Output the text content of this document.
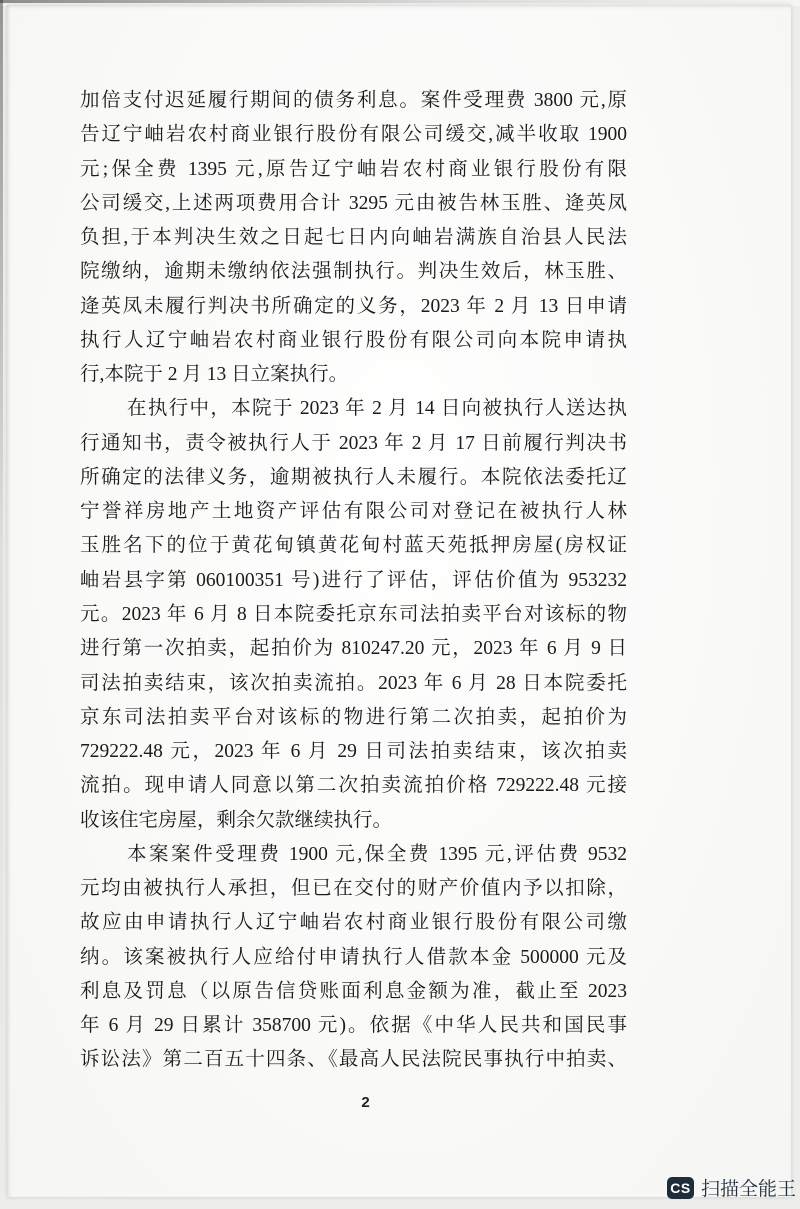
加倍支付迟延履行期间的债务利息。案件受理费 3800 元,原
告辽宁岫岩农村商业银行股份有限公司缓交,减半收取 1900
元;保全费 1395 元,原告辽宁岫岩农村商业银行股份有限
公司缓交,上述两项费用合计 3295 元由被告林玉胜、逄英凤
负担,于本判决生效之日起七日内向岫岩满族自治县人民法
院缴纳，逾期未缴纳依法强制执行。判决生效后，林玉胜、
逄英凤未履行判决书所确定的义务，2023 年 2 月 13 日申请
执行人辽宁岫岩农村商业银行股份有限公司向本院申请执
行,本院于 2 月 13 日立案执行。
在执行中，本院于 2023 年 2 月 14 日向被执行人送达执
行通知书，责令被执行人于 2023 年 2 月 17 日前履行判决书
所确定的法律义务，逾期被执行人未履行。本院依法委托辽
宁誉祥房地产土地资产评估有限公司对登记在被执行人林
玉胜名下的位于黄花甸镇黄花甸村蓝天苑抵押房屋(房权证
岫岩县字第 060100351 号)进行了评估，评估价值为 953232
元。2023 年 6 月 8 日本院委托京东司法拍卖平台对该标的物
进行第一次拍卖，起拍价为 810247.20 元，2023 年 6 月 9 日
司法拍卖结束，该次拍卖流拍。2023 年 6 月 28 日本院委托
京东司法拍卖平台对该标的物进行第二次拍卖，起拍价为
729222.48 元，2023 年 6 月 29 日司法拍卖结束，该次拍卖
流拍。现申请人同意以第二次拍卖流拍价格 729222.48 元接
收该住宅房屋，剩余欠款继续执行。
本案案件受理费 1900 元,保全费 1395 元,评估费 9532
元均由被执行人承担，但已在交付的财产价值内予以扣除，
故应由申请执行人辽宁岫岩农村商业银行股份有限公司缴
纳。该案被执行人应给付申请执行人借款本金 500000 元及
利息及罚息（以原告信贷账面利息金额为准，截止至 2023
年 6 月 29 日累计 358700 元)。依据《中华人民共和国民事
诉讼法》第二百五十四条、《最高人民法院民事执行中拍卖、
2
CS 扫描全能王
